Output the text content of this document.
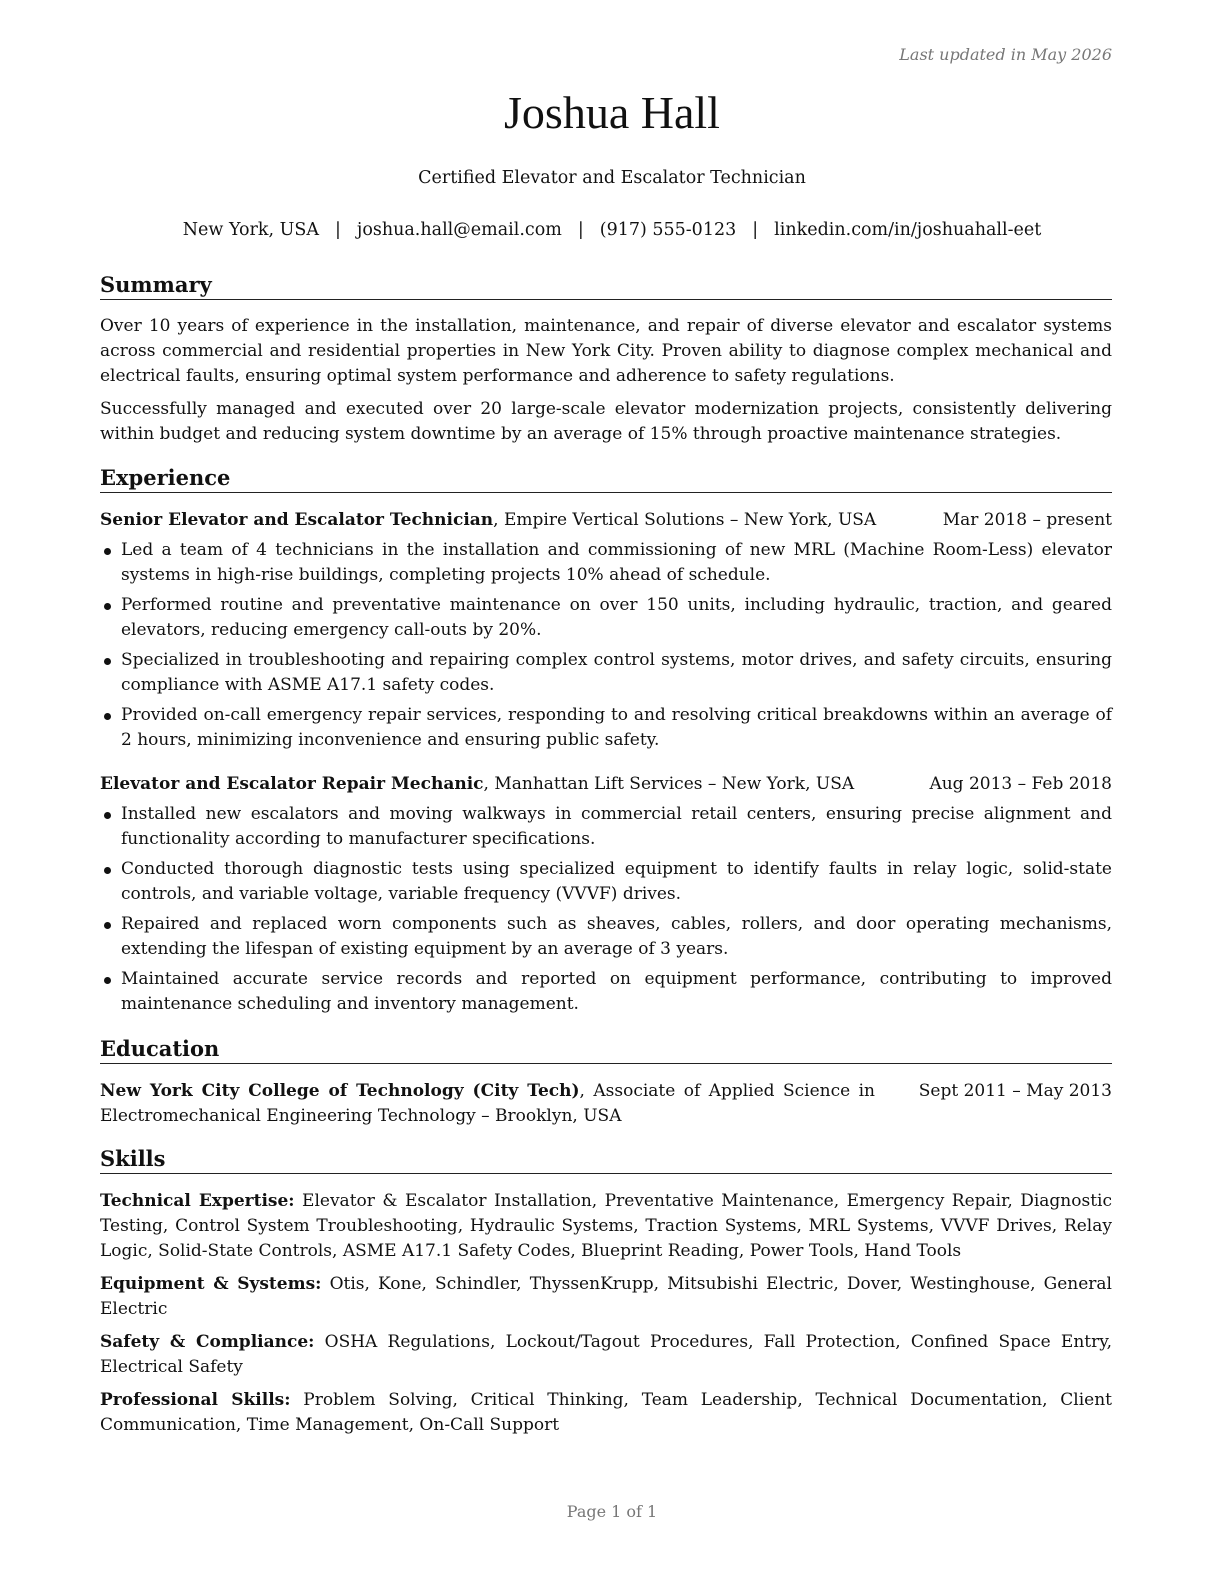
Last updated in May 2026
Joshua Hall
Certified Elevator and Escalator Technician
New York, USA | joshua.hall@email.com | (917) 555-0123 | linkedin.com/in/joshuahall-eet
Summary

Over 10 years of experience in the installation, maintenance, and repair of diverse elevator and escalator systems across commercial and residential properties in New York City. Proven ability to diagnose complex mechanical and electrical faults, ensuring optimal system performance and adherence to safety regulations.

Successfully managed and executed over 20 large-scale elevator modernization projects, consistently delivering within budget and reducing system downtime by an average of 15% through proactive maintenance strategies.

Experience
Senior Elevator and Escalator Technician, Empire Vertical Solutions – New York, USA	Mar 2018 – present
Led a team of 4 technicians in the installation and commissioning of new MRL (Machine Room-Less) elevator systems in high-rise buildings, completing projects 10% ahead of schedule.
Performed routine and preventative maintenance on over 150 units, including hydraulic, traction, and geared elevators, reducing emergency call-outs by 20%.
Specialized in troubleshooting and repairing complex control systems, motor drives, and safety circuits, ensuring compliance with ASME A17.1 safety codes.
Provided on-call emergency repair services, responding to and resolving critical breakdowns within an average of 2 hours, minimizing inconvenience and ensuring public safety.
Elevator and Escalator Repair Mechanic, Manhattan Lift Services – New York, USA	Aug 2013 – Feb 2018
Installed new escalators and moving walkways in commercial retail centers, ensuring precise alignment and functionality according to manufacturer specifications.
Conducted thorough diagnostic tests using specialized equipment to identify faults in relay logic, solid-state controls, and variable voltage, variable frequency (VVVF) drives.
Repaired and replaced worn components such as sheaves, cables, rollers, and door operating mechanisms, extending the lifespan of existing equipment by an average of 3 years.
Maintained accurate service records and reported on equipment performance, contributing to improved maintenance scheduling and inventory management.
Education
New York City College of Technology (City Tech), Associate of Applied Science in Electromechanical Engineering Technology – Brooklyn, USA
Sept 2011 – May 2013
Skills

Technical Expertise: Elevator & Escalator Installation, Preventative Maintenance, Emergency Repair, Diagnostic Testing, Control System Troubleshooting, Hydraulic Systems, Traction Systems, MRL Systems, VVVF Drives, Relay Logic, Solid-State Controls, ASME A17.1 Safety Codes, Blueprint Reading, Power Tools, Hand Tools

Equipment & Systems: Otis, Kone, Schindler, ThyssenKrupp, Mitsubishi Electric, Dover, Westinghouse, General Electric

Safety & Compliance: OSHA Regulations, Lockout/Tagout Procedures, Fall Protection, Confined Space Entry, Electrical Safety

Professional Skills: Problem Solving, Critical Thinking, Team Leadership, Technical Documentation, Client Communication, Time Management, On-Call Support

Page 1 of 1
